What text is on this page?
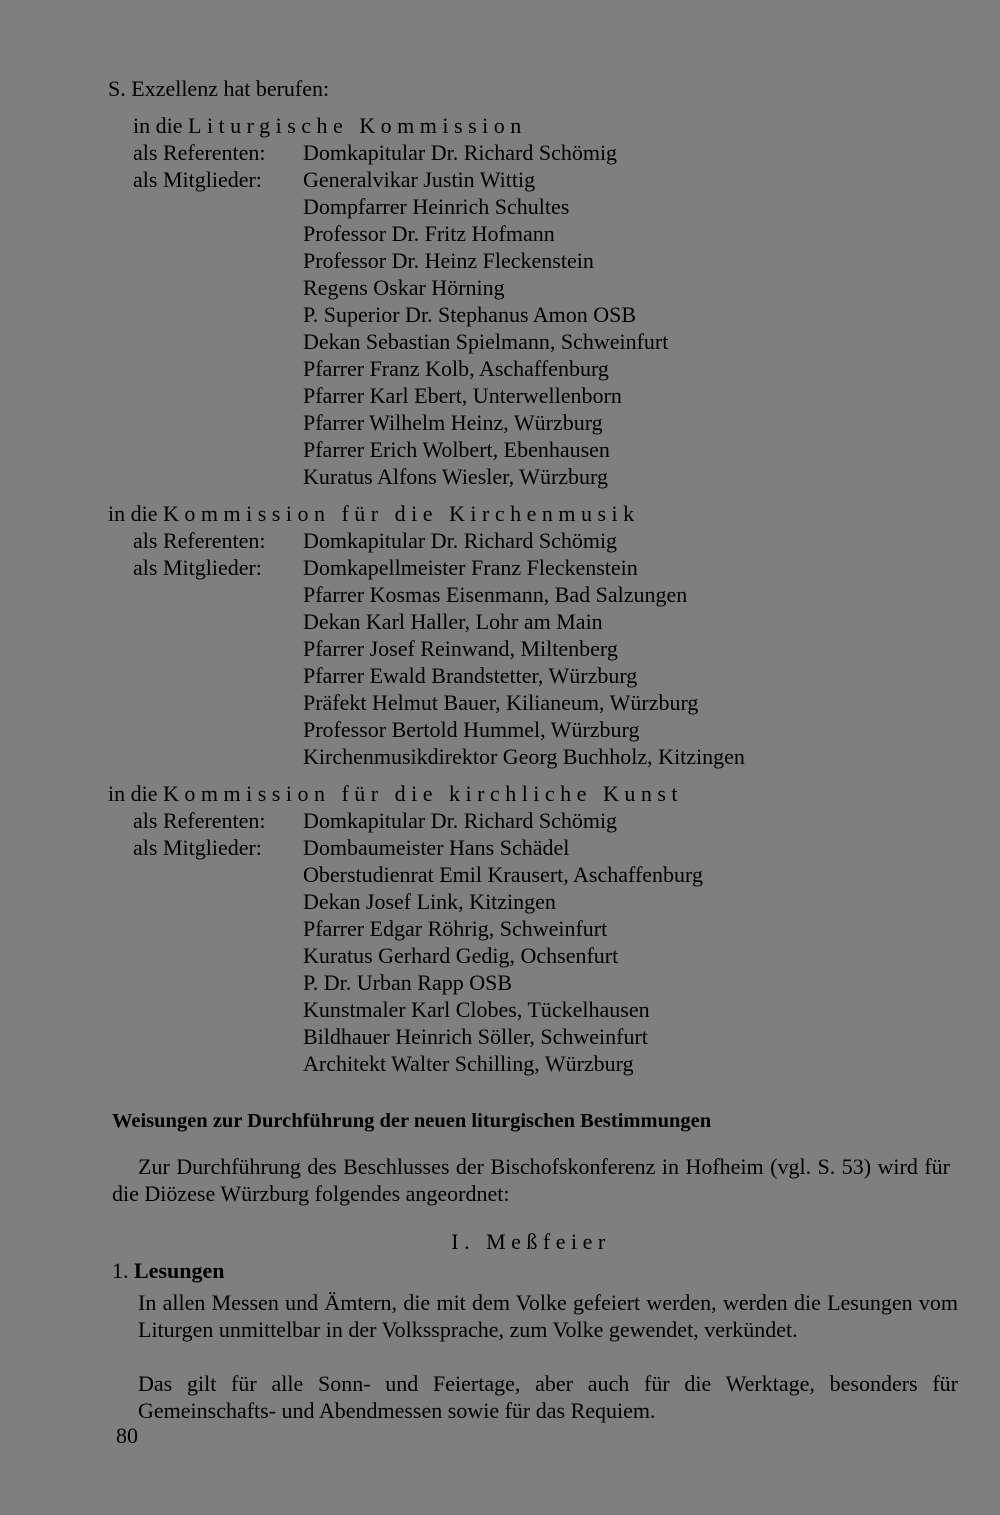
S. Exzellenz hat berufen:
in die Liturgische Kommission
als Referenten: Domkapitular Dr. Richard Schömig
als Mitglieder: Generalvikar Justin Wittig
Dompfarrer Heinrich Schultes
Professor Dr. Fritz Hofmann
Professor Dr. Heinz Fleckenstein
Regens Oskar Hörning
P. Superior Dr. Stephanus Amon OSB
Dekan Sebastian Spielmann, Schweinfurt
Pfarrer Franz Kolb, Aschaffenburg
Pfarrer Karl Ebert, Unterwellenborn
Pfarrer Wilhelm Heinz, Würzburg
Pfarrer Erich Wolbert, Ebenhausen
Kuratus Alfons Wiesler, Würzburg
in die Kommission für die Kirchenmusik
als Referenten: Domkapitular Dr. Richard Schömig
als Mitglieder: Domkapellmeister Franz Fleckenstein
Pfarrer Kosmas Eisenmann, Bad Salzungen
Dekan Karl Haller, Lohr am Main
Pfarrer Josef Reinwand, Miltenberg
Pfarrer Ewald Brandstetter, Würzburg
Präfekt Helmut Bauer, Kilianeum, Würzburg
Professor Bertold Hummel, Würzburg
Kirchenmusikdirektor Georg Buchholz, Kitzingen
in die Kommission für die kirchliche Kunst
als Referenten: Domkapitular Dr. Richard Schömig
als Mitglieder: Dombaumeister Hans Schädel
Oberstudienrat Emil Krausert, Aschaffenburg
Dekan Josef Link, Kitzingen
Pfarrer Edgar Röhrig, Schweinfurt
Kuratus Gerhard Gedig, Ochsenfurt
P. Dr. Urban Rapp OSB
Kunstmaler Karl Clobes, Tückelhausen
Bildhauer Heinrich Söller, Schweinfurt
Architekt Walter Schilling, Würzburg
Weisungen zur Durchführung der neuen liturgischen Bestimmungen
Zur Durchführung des Beschlusses der Bischofskonferenz in Hofheim (vgl. S. 53) wird für die Diözese Würzburg folgendes angeordnet:
I. Meßfeier
1. Lesungen
In allen Messen und Ämtern, die mit dem Volke gefeiert werden, werden die Lesungen vom Liturgen unmittelbar in der Volkssprache, zum Volke gewendet, verkündet.
Das gilt für alle Sonn- und Feiertage, aber auch für die Werktage, besonders für Gemeinschafts- und Abendmessen sowie für das Requiem.
80
